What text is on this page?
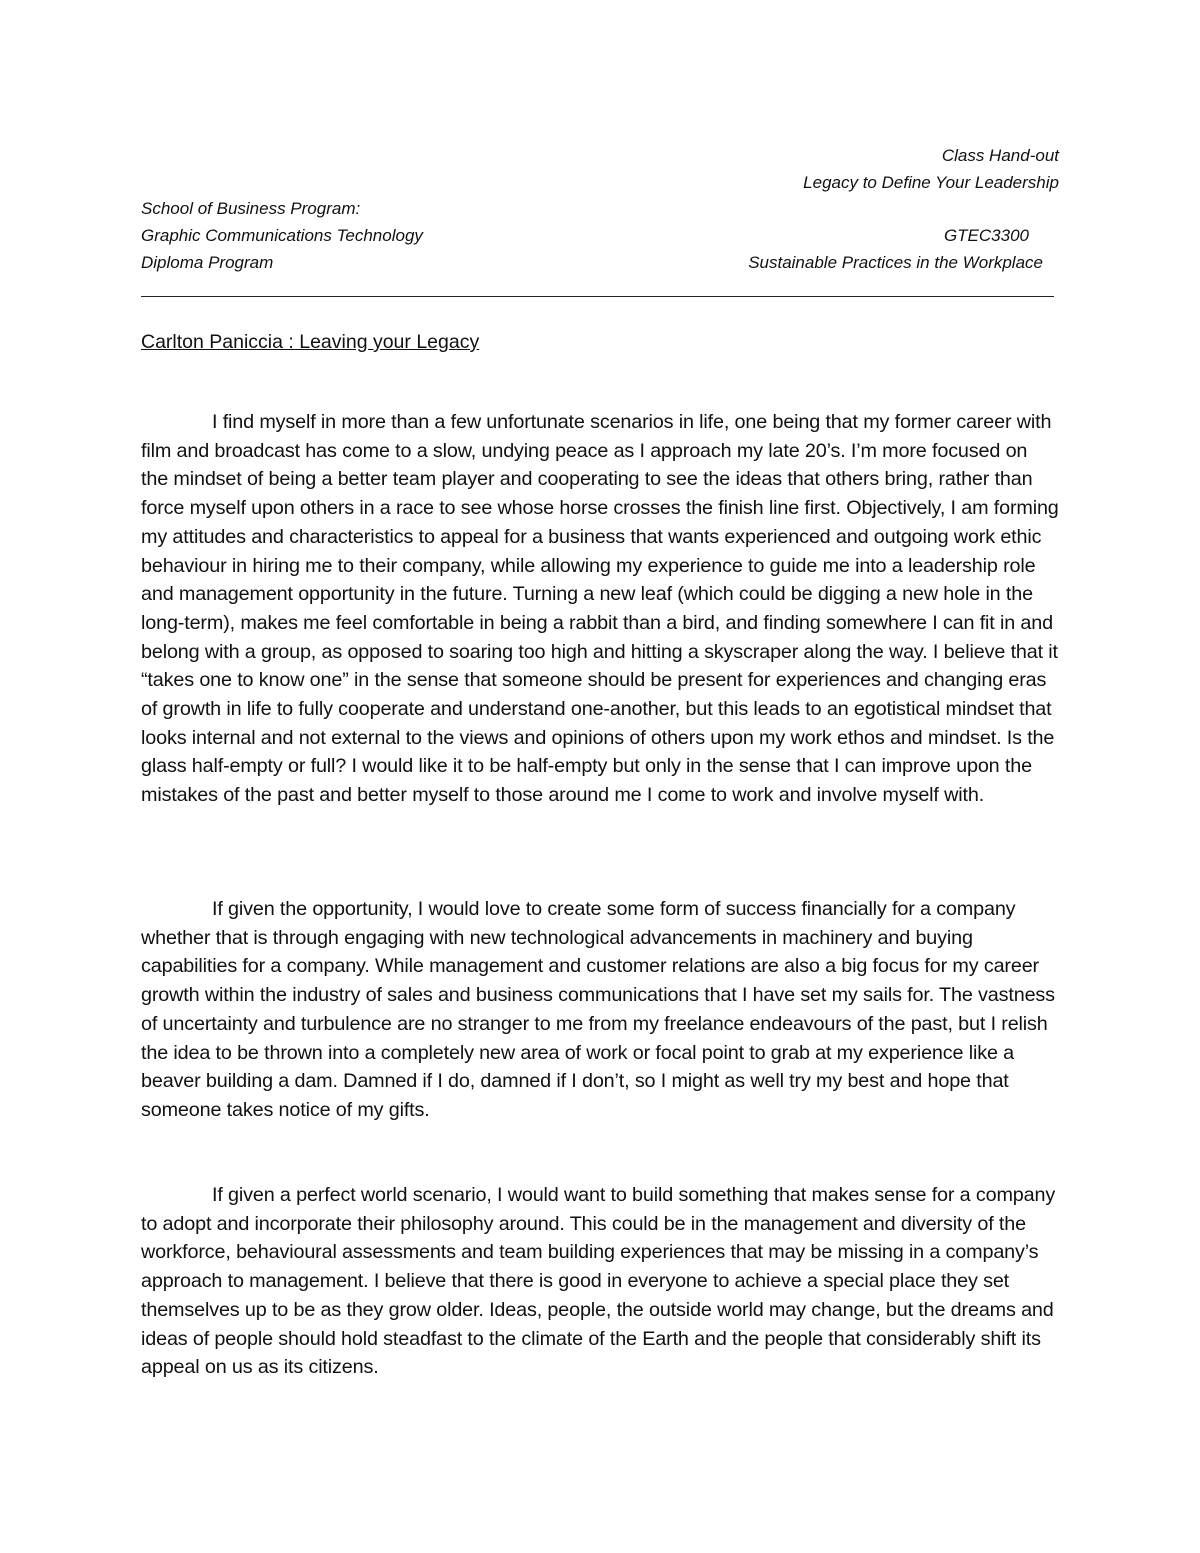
Class Hand-out
Legacy to Define Your Leadership
School of Business Program:
Graphic Communications Technology
Diploma Program
GTEC3300
Sustainable Practices in the Workplace
Carlton Paniccia : Leaving your Legacy

I find myself in more than a few unfortunate scenarios in life, one being that my former career with film and broadcast has come to a slow, undying peace as I approach my late 20’s. I’m more focused on the mindset of being a better team player and cooperating to see the ideas that others bring, rather than force myself upon others in a race to see whose horse crosses the finish line first. Objectively, I am forming my attitudes and characteristics to appeal for a business that wants experienced and outgoing work ethic behaviour in hiring me to their company, while allowing my experience to guide me into a leadership role and management opportunity in the future. Turning a new leaf (which could be digging a new hole in the long-term), makes me feel comfortable in being a rabbit than a bird, and finding somewhere I can fit in and belong with a group, as opposed to soaring too high and hitting a skyscraper along the way. I believe that it “takes one to know one” in the sense that someone should be present for experiences and changing eras of growth in life to fully cooperate and understand one-another, but this leads to an egotistical mindset that looks internal and not external to the views and opinions of others upon my work ethos and mindset. Is the glass half-empty or full? I would like it to be half-empty but only in the sense that I can improve upon the mistakes of the past and better myself to those around me I come to work and involve myself with.

If given the opportunity, I would love to create some form of success financially for a company whether that is through engaging with new technological advancements in machinery and buying capabilities for a company. While management and customer relations are also a big focus for my career growth within the industry of sales and business communications that I have set my sails for. The vastness of uncertainty and turbulence are no stranger to me from my freelance endeavours of the past, but I relish the idea to be thrown into a completely new area of work or focal point to grab at my experience like a beaver building a dam. Damned if I do, damned if I don’t, so I might as well try my best and hope that someone takes notice of my gifts.

If given a perfect world scenario, I would want to build something that makes sense for a company to adopt and incorporate their philosophy around. This could be in the management and diversity of the workforce, behavioural assessments and team building experiences that may be missing in a company’s approach to management. I believe that there is good in everyone to achieve a special place they set themselves up to be as they grow older. Ideas, people, the outside world may change, but the dreams and ideas of people should hold steadfast to the climate of the Earth and the people that considerably shift its appeal on us as its citizens.
